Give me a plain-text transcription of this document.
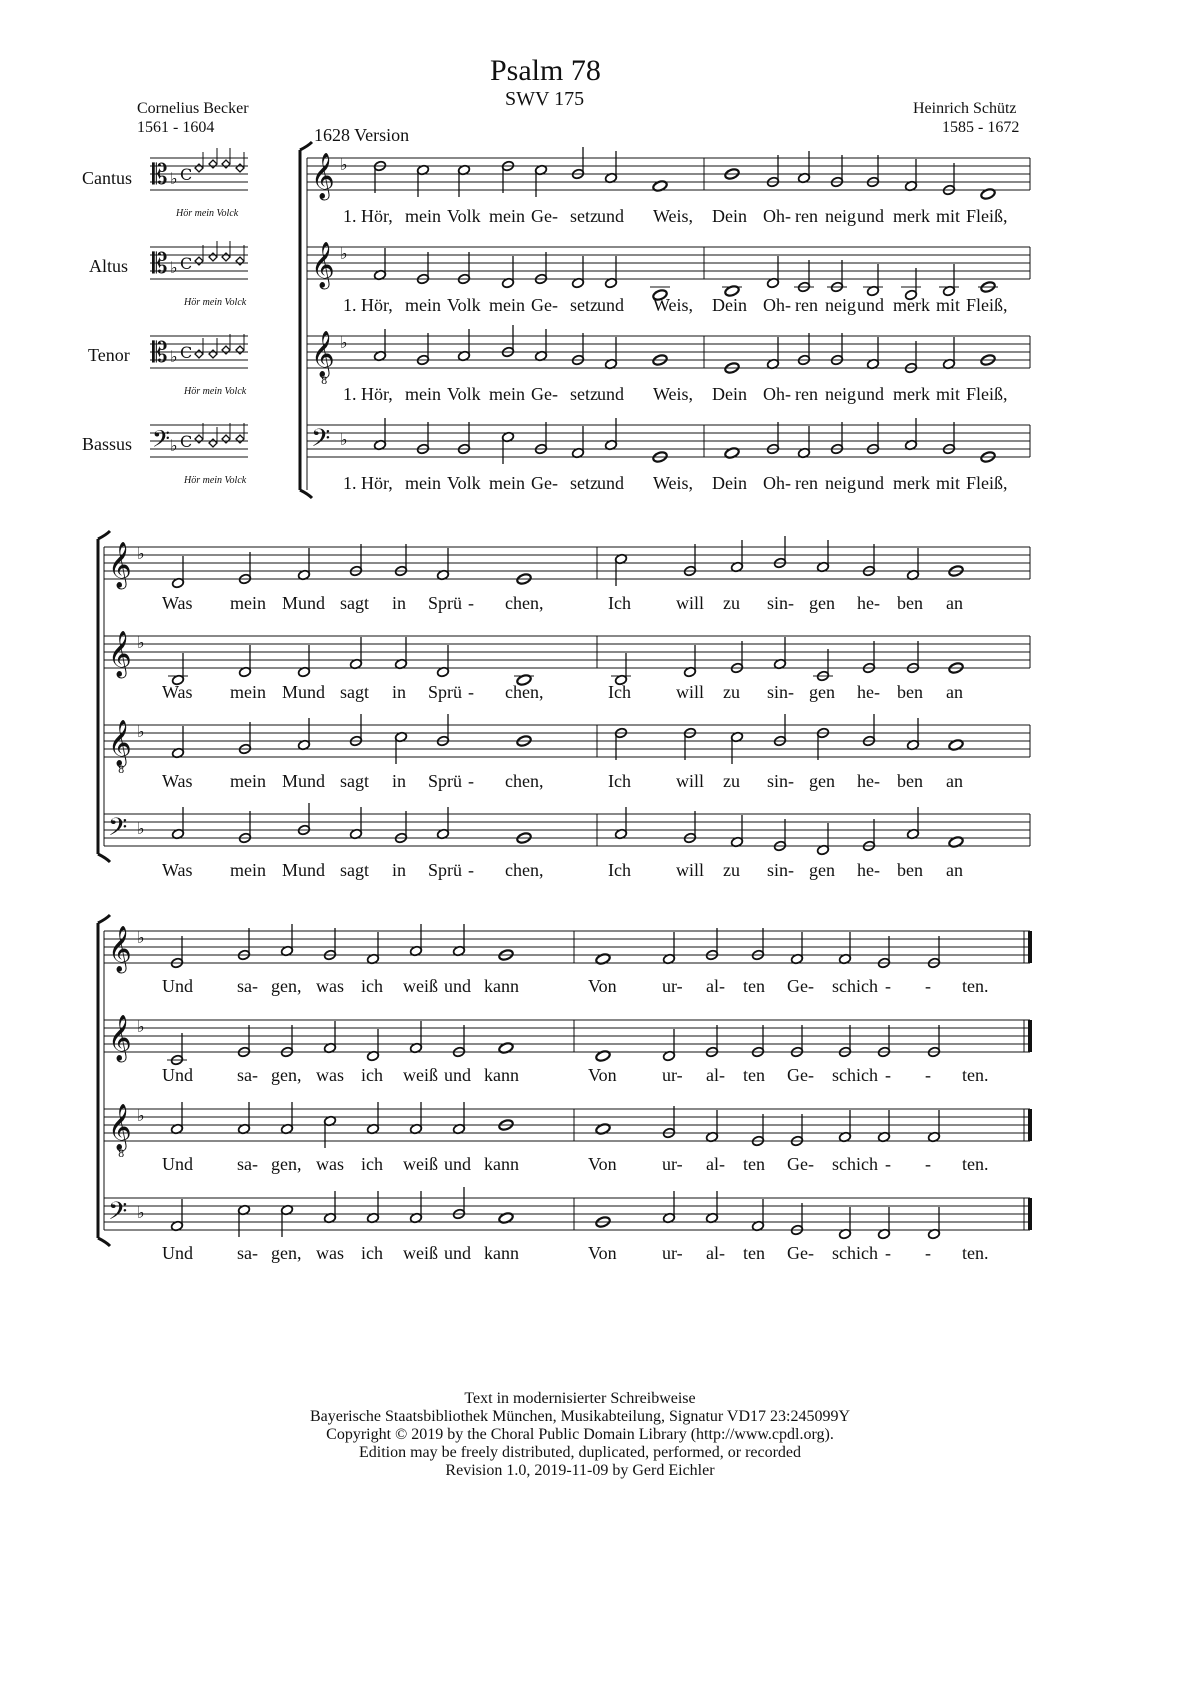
Psalm 78
SWV 175
Cornelius Becker
1561 - 1604
Heinrich Schütz
1585 - 1672
1628 Version
Cantus
Altus
Tenor
Bassus
Hör mein Volck
Hör mein Volck
Hör mein Volck
Hör mein Volck
𝄡 ♭ C
𝄡 ♭ C
𝄡 ♭ C
𝄢 ♭ C
𝄞 ♭
𝄞 ♭
𝄞
8
♭
𝄢 ♭
𝄞 ♭
𝄞 ♭
𝄞
8
♭
𝄢 ♭
𝄞 ♭
𝄞 ♭
𝄞
8
♭
𝄢 ♭
1. Hör, mein Volk mein Ge- setz und Weis, Dein Oh- ren neig und merk mit Fleiß,
1. Hör, mein Volk mein Ge- setz und Weis, Dein Oh- ren neig und merk mit Fleiß,
1. Hör, mein Volk mein Ge- setz und Weis, Dein Oh- ren neig und merk mit Fleiß,
1. Hör, mein Volk mein Ge- setz und Weis, Dein Oh- ren neig und merk mit Fleiß,
Was mein Mund sagt in Sprü - chen,	Ich	will zu sin- gen he- ben an
Was mein Mund sagt in Sprü - chen,	Ich	will zu sin- gen he- ben an
Was mein Mund sagt in Sprü - chen,	Ich	will zu sin- gen he- ben an
Was mein Mund sagt in Sprü - chen,	Ich	will zu sin- gen he- ben an
Und sa- gen, was ich weiß und kann	Von	ur- al- ten Ge- schich - - ten.
Und sa- gen, was ich weiß und kann	Von	ur- al- ten Ge- schich - - ten.
Und sa- gen, was ich weiß und kann	Von	ur- al- ten Ge- schich - - ten.
Und sa- gen, was ich weiß und kann	Von	ur- al- ten Ge- schich - - ten.
Text in modernisierter Schreibweise
Bayerische Staatsbibliothek München, Musikabteilung, Signatur VD17 23:245099Y
Copyright © 2019 by the Choral Public Domain Library (http://www.cpdl.org).
Edition may be freely distributed, duplicated, performed, or recorded
Revision 1.0, 2019-11-09 by Gerd Eichler
